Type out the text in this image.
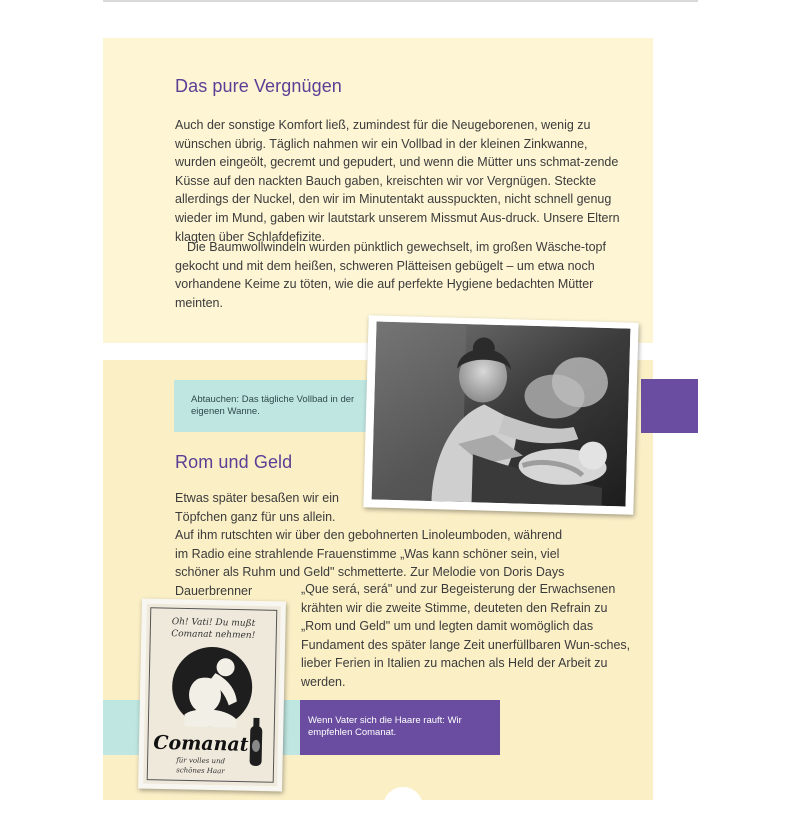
Das pure Vergnügen

Auch der sonstige Komfort ließ, zumindest für die Neugeborenen, wenig zu wünschen übrig. Täglich nahmen wir ein Vollbad in der kleinen Zinkwanne, wurden eingeölt, gecremt und gepudert, und wenn die Mütter uns schmat-zende Küsse auf den nackten Bauch gaben, kreischten wir vor Vergnügen. Steckte allerdings der Nuckel, den wir im Minutentakt ausspuckten, nicht schnell genug wieder im Mund, gaben wir lautstark unserem Missmut Aus-druck. Unsere Eltern klagten über Schlafdefizite.

Die Baumwollwindeln wurden pünktlich gewechselt, im großen Wäsche-topf gekocht und mit dem heißen, schweren Plätteisen gebügelt – um etwa noch vorhandene Keime zu töten, wie die auf perfekte Hygiene bedachten Mütter meinten.

Abtauchen: Das tägliche Vollbad in der eigenen Wanne.
Rom und Geld

Etwas später besaßen wir ein Töpfchen ganz für uns allein.

Auf ihm rutschten wir über den gebohnerten Linoleumboden, während im Radio eine strahlende Frauenstimme „Was kann schöner sein, viel schöner als Ruhm und Geld" schmetterte. Zur Melodie von Doris Days Dauerbrenner	„Que será, será" und zur Begeisterung der Erwachsenen krähten wir die zweite Stimme, deuteten den Refrain zu „Rom und Geld" um und legten damit womöglich das Fundament des später lange Zeit unerfüllbaren Wun-sches, lieber Ferien in Italien zu machen als Held der Arbeit zu werden.

Wenn Vater sich die Haare rauft: Wir empfehlen Comanat.
Oh! Vati! Du mußt
Comanat nehmen!
Comanat
für volles und
schönes Haar
